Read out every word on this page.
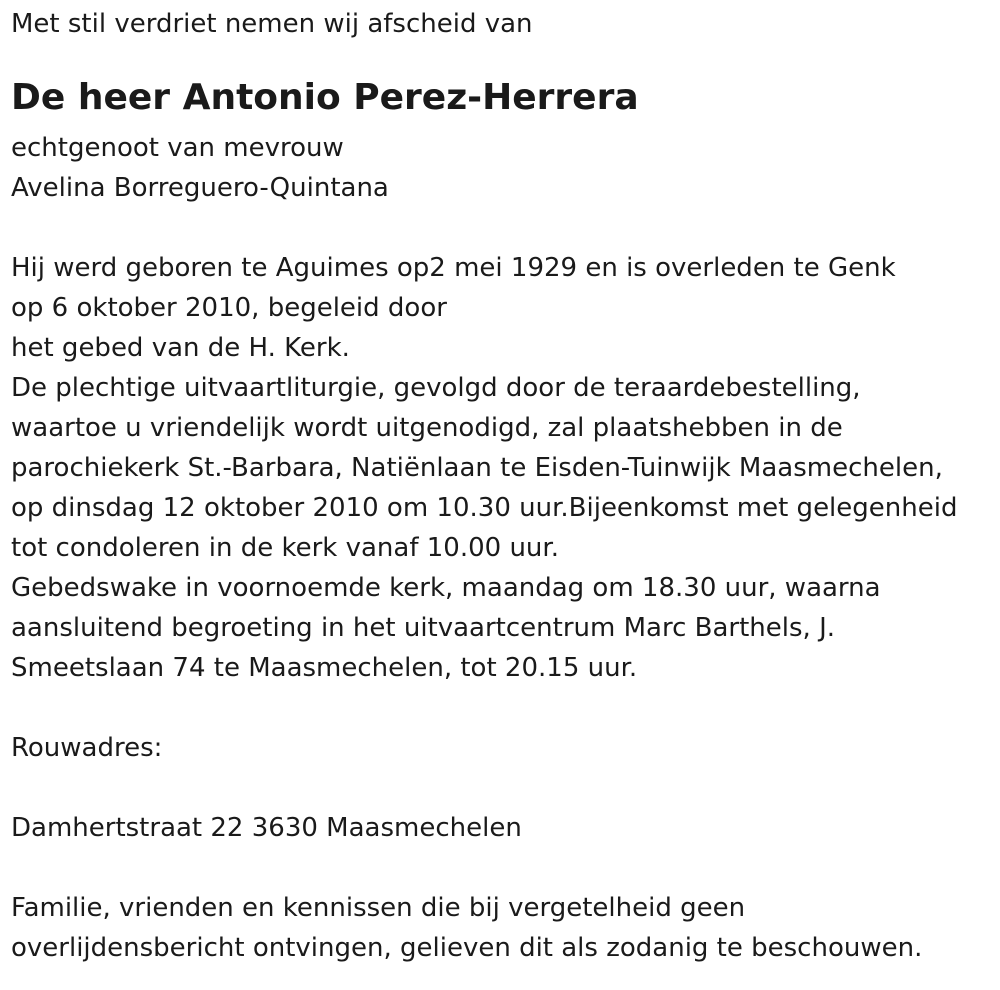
Met stil verdriet nemen wij afscheid van
De heer Antonio Perez-Herrera
echtgenoot van mevrouw
Avelina Borreguero-Quintana
Hij werd geboren te Aguimes op2 mei 1929 en is overleden te Genk
op 6 oktober 2010, begeleid door
het gebed van de H. Kerk.
De plechtige uitvaartliturgie, gevolgd door de teraardebestelling,
waartoe u vriendelijk wordt uitgenodigd, zal plaatshebben in de
parochiekerk St.-Barbara, Natiënlaan te Eisden-Tuinwijk Maasmechelen,
op dinsdag 12 oktober 2010 om 10.30 uur.Bijeenkomst met gelegenheid
tot condoleren in de kerk vanaf 10.00 uur.
Gebedswake in voornoemde kerk, maandag om 18.30 uur, waarna
aansluitend begroeting in het uitvaartcentrum Marc Barthels, J.
Smeetslaan 74 te Maasmechelen, tot 20.15 uur.
Rouwadres:
Damhertstraat 22 3630 Maasmechelen
Familie, vrienden en kennissen die bij vergetelheid geen
overlijdensbericht ontvingen, gelieven dit als zodanig te beschouwen.
